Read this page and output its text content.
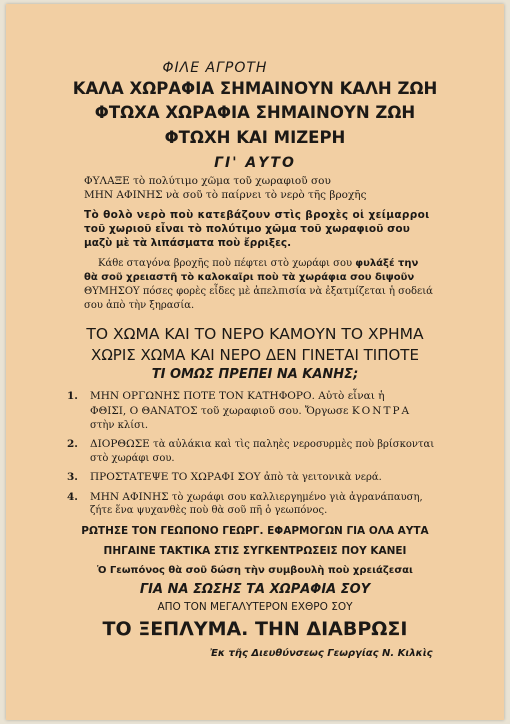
ΦΙΛΕ ΑΓΡΟΤΗ

ΚΑΛΑ ΧΩΡΑΦΙΑ ΣΗΜΑΙΝΟΥΝ ΚΑΛΗ ΖΩΗ

ΦΤΩΧΑ ΧΩΡΑΦΙΑ ΣΗΜΑΙΝΟΥΝ ΖΩΗ

ΦΤΩΧΗ ΚΑΙ ΜΙΖΕΡΗ

ΓΙ' ΑΥΤΟ

ΦΥΛΑΞΕ τὸ πολύτιμο χῶμα τοῦ χωραφιοῦ σου

ΜΗΝ ΑΦΙΝΗΣ νὰ σοῦ τὸ παίρνει τὸ νερὸ τῆς βροχῆς

Τὸ θολὸ νερὸ ποὺ κατεβάζουν στὶς βροχὲς οἱ χείμαρροι

τοῦ χωριοῦ εἶναι τὸ πολύτιμο χῶμα τοῦ χωραφιοῦ σου

μαζὺ μὲ τὰ λιπάσματα ποὺ ἔρριξες.

Κάθε σταγόνα βροχῆς ποὺ πέφτει στὸ χωράφι σου φυλάξέ την

θὰ σοῦ χρειαστῆ τὸ καλοκαῖρι ποὺ τὰ χωράφια σου διψοῦν

ΘΥΜΗΣΟΥ πόσες φορὲς εἶδες μὲ ἀπελπισία νὰ ἐξατμίζεται ἡ σοδειά

σου ἀπὸ τὴν ξηρασία.

ΤΟ ΧΩΜΑ ΚΑΙ ΤΟ ΝΕΡΟ ΚΑΜΟΥΝ ΤΟ ΧΡΗΜΑ

ΧΩΡΙΣ ΧΩΜΑ ΚΑΙ ΝΕΡΟ ΔΕΝ ΓΙΝΕΤΑΙ ΤΙΠΟΤΕ

ΤΙ ΟΜΩΣ ΠΡΕΠΕΙ ΝΑ ΚΑΝΗΣ;

1. ΜΗΝ ΟΡΓΩΝΗΣ ΠΟΤΕ ΤΟΝ ΚΑΤΗΦΟΡΟ. Αὐτὸ εἶναι ἡ

ΦΘΙΣΙ, Ο ΘΑΝΑΤΟΣ τοῦ χωραφιοῦ σου. Ὄργωσε ΚΟΝΤΡΑ

στὴν κλίσι.

2. ΔΙΟΡΘΩΣΕ τὰ αὐλάκια καὶ τὶς παληὲς νεροσυρμὲς ποὺ βρίσκονται

στὸ χωράφι σου.

3. ΠΡΟΣΤΑΤΕΨΕ ΤΟ ΧΩΡΑΦΙ ΣΟΥ ἀπὸ τὰ γειτονικὰ νερά.

4. ΜΗΝ ΑΦΙΝΗΣ τὸ χωράφι σου καλλιεργημένο γιὰ ἀγρανάπαυση,

ζήτε ἕνα ψυχανθὲς ποὺ θὰ σοῦ πῆ ὁ γεωπόνος.

ΡΩΤΗΣΕ ΤΟΝ ΓΕΩΠΟΝΟ ΓΕΩΡΓ. ΕΦΑΡΜΟΓΩΝ ΓΙΑ ΟΛΑ ΑΥΤΑ

ΠΗΓΑΙΝΕ ΤΑΚΤΙΚΑ ΣΤΙΣ ΣΥΓΚΕΝΤΡΩΣΕΙΣ ΠΟΥ ΚΑΝΕΙ

Ὁ Γεωπόνος θὰ σοῦ δώση τὴν συμβουλὴ ποὺ χρειάζεσαι

ΓΙΑ ΝΑ ΣΩΣΗΣ ΤΑ ΧΩΡΑΦΙΑ ΣΟΥ

ΑΠΟ ΤΟΝ ΜΕΓΑΛΥΤΕΡΟΝ ΕΧΘΡΟ ΣΟΥ

ΤΟ ΞΕΠΛΥΜΑ. ΤΗΝ ΔΙΑΒΡΩΣΙ

Ἐκ τῆς Διευθύνσεως Γεωργίας Ν. Κιλκὶς
